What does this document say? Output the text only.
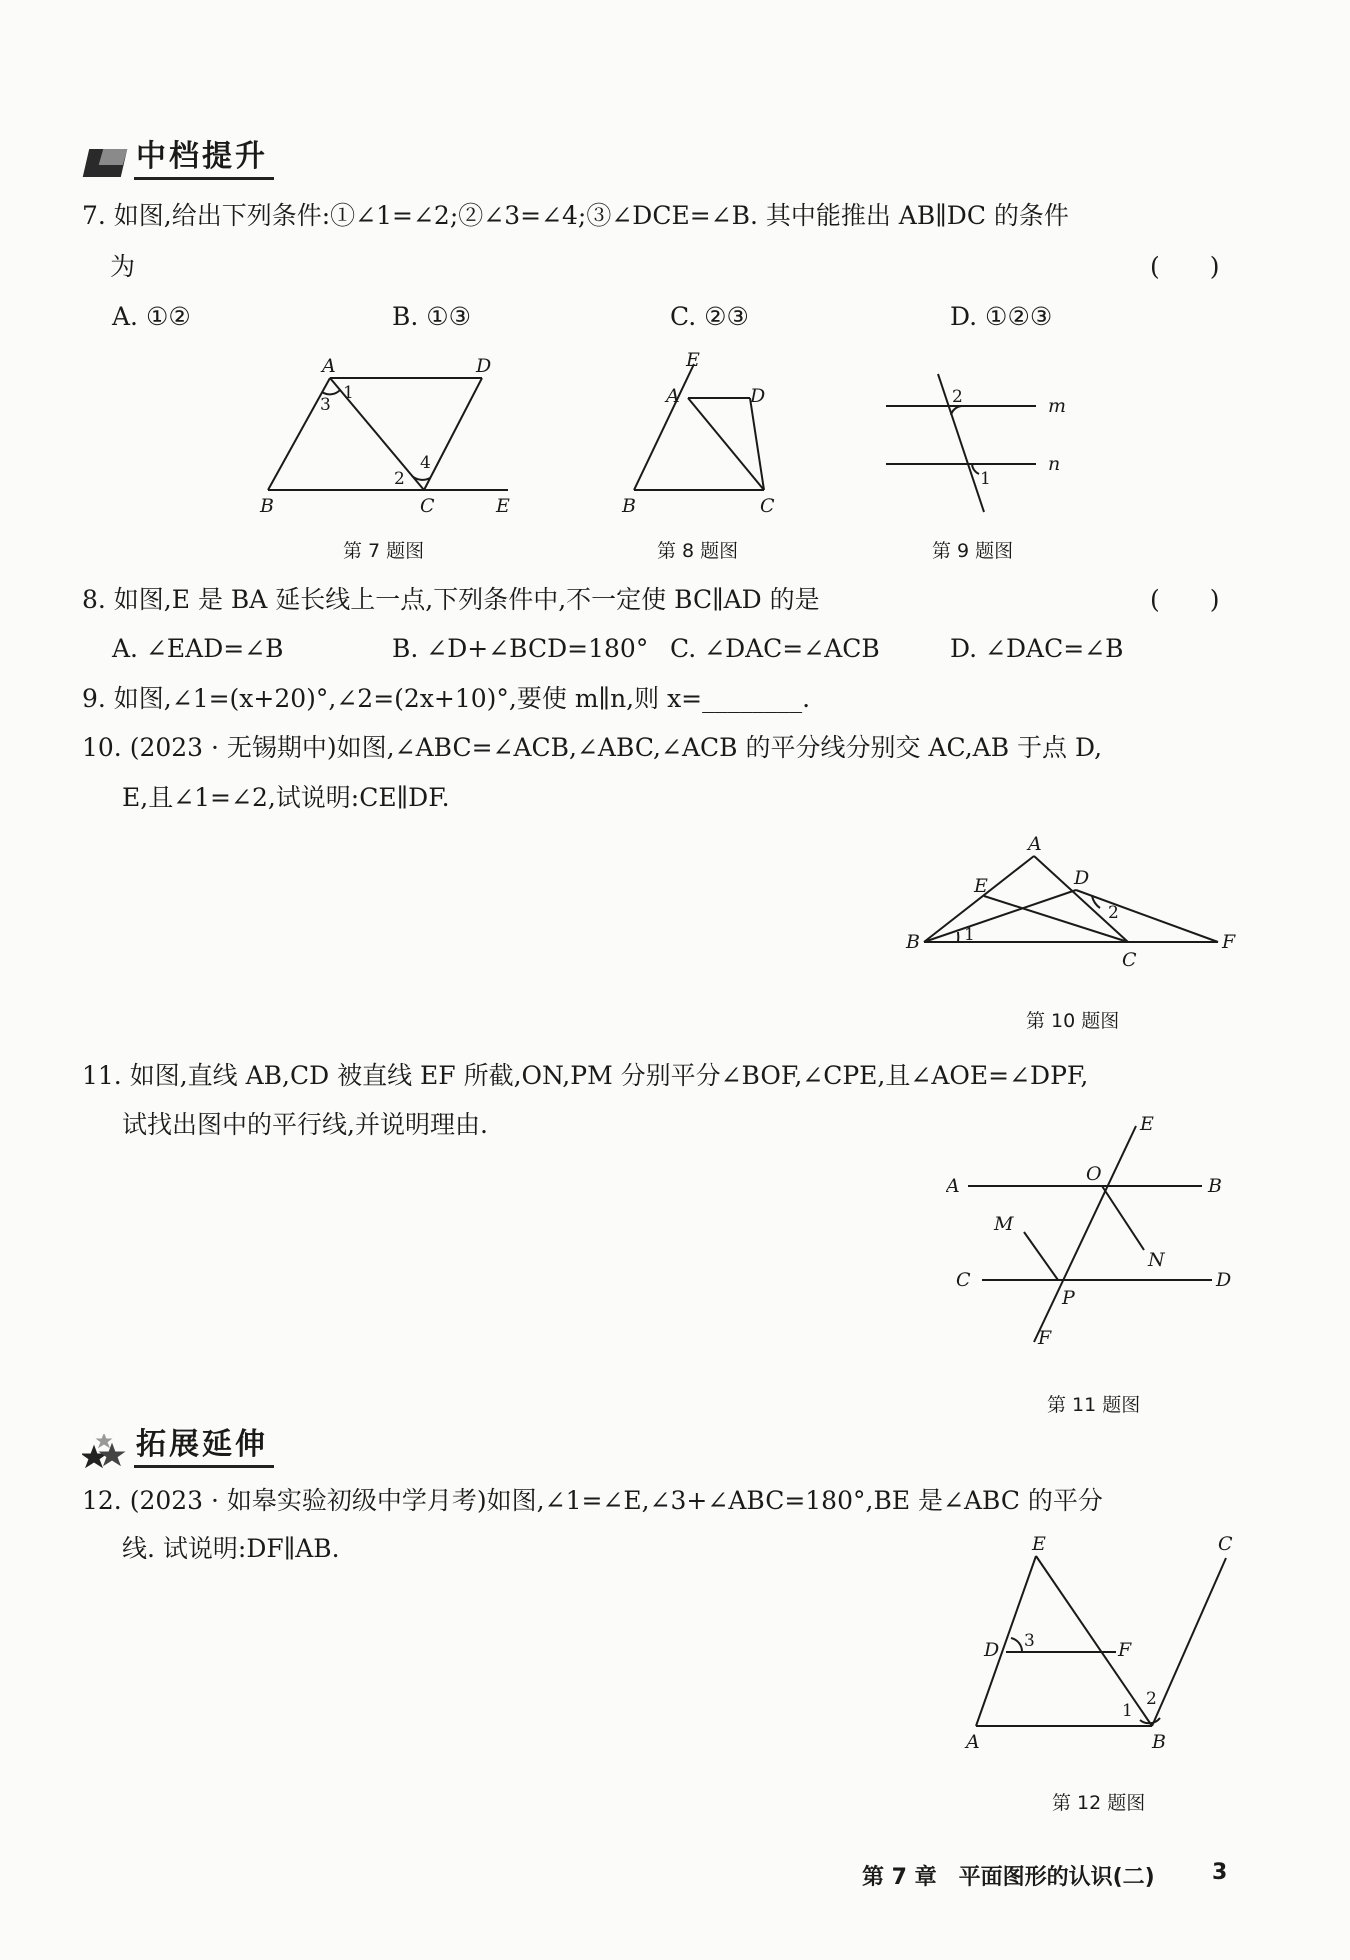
中档提升
7. 如图,给出下列条件:①∠1=∠2;②∠3=∠4;③∠DCE=∠B. 其中能推出 AB∥DC 的条件
为	(　　)
A. ①②	B. ①③	C. ②③	D. ①②③
A	D
B	C	E
1
3
2
4
第 7 题图
E
A	D
B	C
第 8 题图
m
n
2
1
第 9 题图
8. 如图,E 是 BA 延长线上一点,下列条件中,不一定使 BC∥AD 的是	(　　)
A. ∠EAD=∠B	B. ∠D+∠BCD=180° C. ∠DAC=∠ACB	D. ∠DAC=∠B
9. 如图,∠1=(x+20)°,∠2=(2x+10)°,要使 m∥n,则 x=________.
10. (2023 · 无锡期中)如图,∠ABC=∠ACB,∠ABC,∠ACB 的平分线分别交 AC,AB 于点 D,
E,且∠1=∠2,试说明:CE∥DF.
A
E	D
B
C
F
1
2
第 10 题图
11. 如图,直线 AB,CD 被直线 EF 所截,ON,PM 分别平分∠BOF,∠CPE,且∠AOE=∠DPF,
试找出图中的平行线,并说明理由.	E
A	B
O
M
N
C	D
P
F
第 11 题图
拓展延伸
12. (2023 · 如皋实验初级中学月考)如图,∠1=∠E,∠3+∠ABC=180°,BE 是∠ABC 的平分
线. 试说明:DF∥AB.	E	C
D	F
A	B
3
1
2
第 12 题图
第 7 章　平面图形的认识(二)	3
